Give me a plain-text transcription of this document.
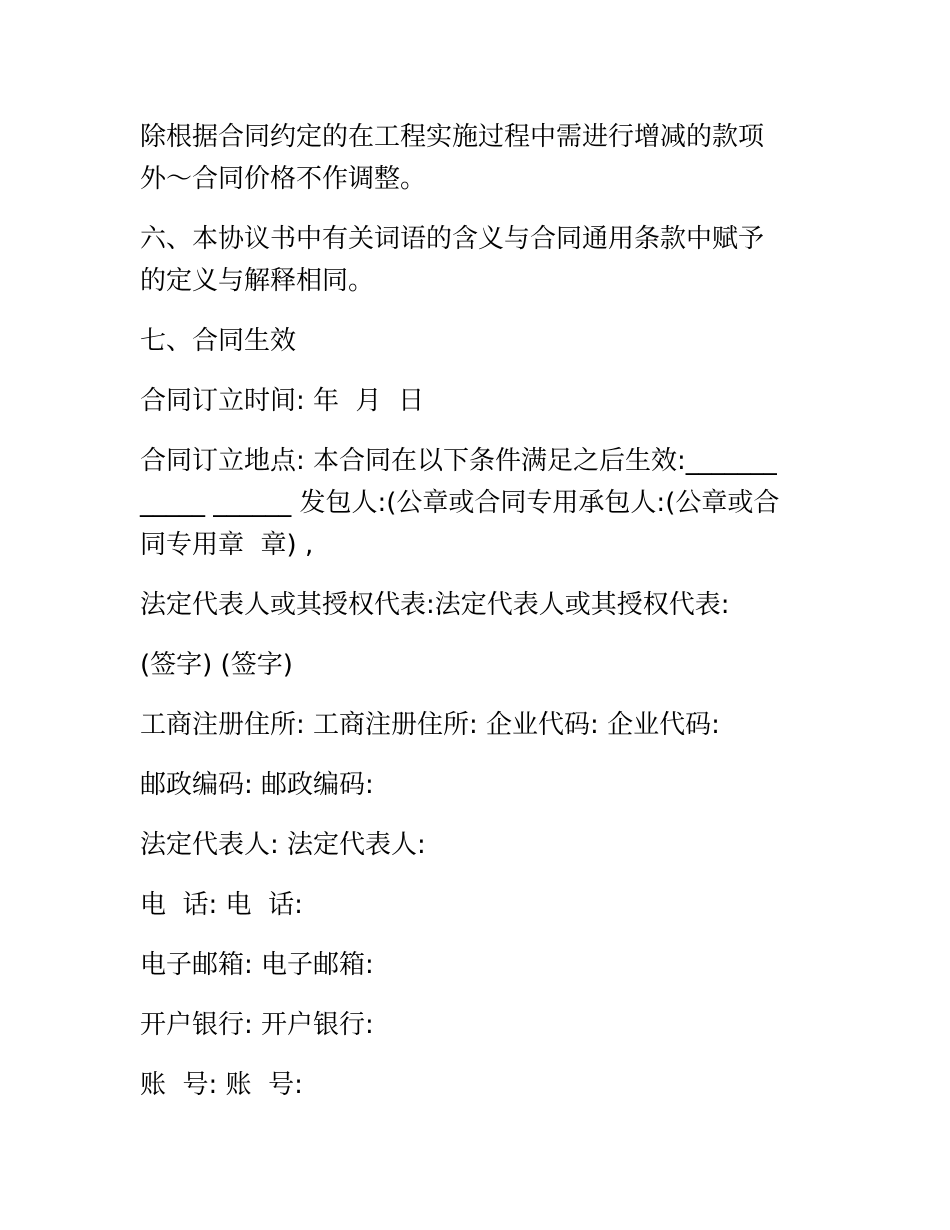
除根据合同约定的在工程实施过程中需进行增减的款项
外～合同价格不作调整。

六、本协议书中有关词语的含义与合同通用条款中赋予
的定义与解释相同。

七、合同生效

合同订立时间: 年  月  日

合同订立地点: 本合同在以下条件满足之后生效:_______
_____ ______ 发包人:(公章或合同专用承包人:(公章或合
同专用章  章) ,

法定代表人或其授权代表:法定代表人或其授权代表:

(签字) (签字)

工商注册住所: 工商注册住所: 企业代码: 企业代码:

邮政编码: 邮政编码:

法定代表人: 法定代表人:

电  话: 电  话:

电子邮箱: 电子邮箱:

开户银行: 开户银行:

账  号: 账  号:
